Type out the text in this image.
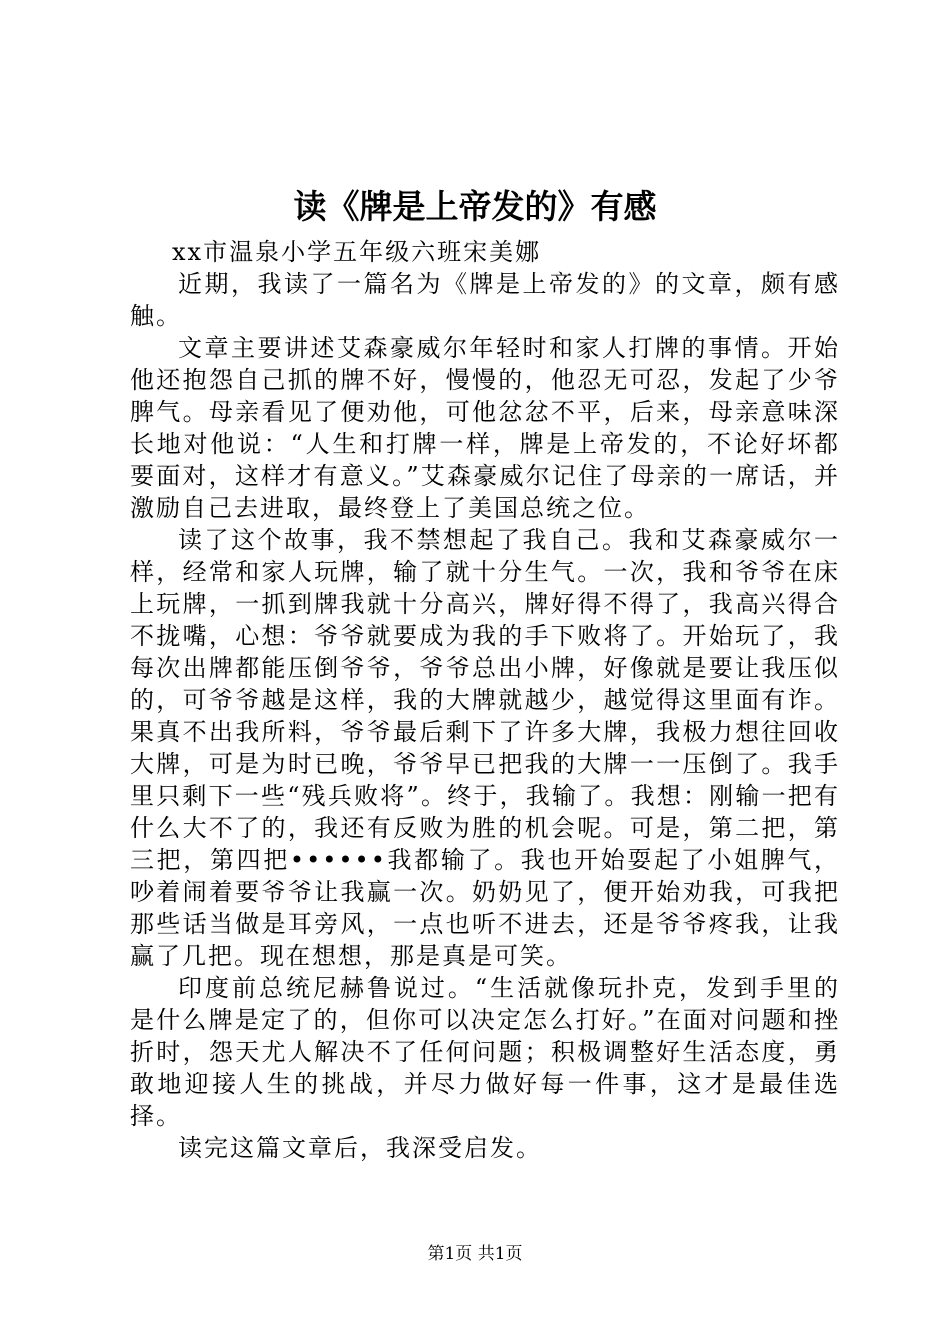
读《牌是上帝发的》有感

xx市温泉小学五年级六班宋美娜

近期，我读了一篇名为《牌是上帝发的》的文章，颇有感触。

文章主要讲述艾森豪威尔年轻时和家人打牌的事情。开始他还抱怨自己抓的牌不好，慢慢的，他忍无可忍，发起了少爷脾气。母亲看见了便劝他，可他忿忿不平，后来，母亲意味深长地对他说：“人生和打牌一样，牌是上帝发的，不论好坏都要面对，这样才有意义。”艾森豪威尔记住了母亲的一席话，并激励自己去进取，最终登上了美国总统之位。

读了这个故事，我不禁想起了我自己。我和艾森豪威尔一样，经常和家人玩牌，输了就十分生气。一次，我和爷爷在床上玩牌，一抓到牌我就十分高兴，牌好得不得了，我高兴得合不拢嘴，心想：爷爷就要成为我的手下败将了。开始玩了，我每次出牌都能压倒爷爷，爷爷总出小牌，好像就是要让我压似的，可爷爷越是这样，我的大牌就越少，越觉得这里面有诈。果真不出我所料，爷爷最后剩下了许多大牌，我极力想往回收大牌，可是为时已晚，爷爷早已把我的大牌一一压倒了。我手里只剩下一些“残兵败将”。终于，我输了。我想：刚输一把有什么大不了的，我还有反败为胜的机会呢。可是，第二把，第三把，第四把••••••我都输了。我也开始耍起了小姐脾气，吵着闹着要爷爷让我赢一次。奶奶见了，便开始劝我，可我把那些话当做是耳旁风，一点也听不进去，还是爷爷疼我，让我赢了几把。现在想想，那是真是可笑。

印度前总统尼赫鲁说过。“生活就像玩扑克，发到手里的是什么牌是定了的，但你可以决定怎么打好。”在面对问题和挫折时，怨天尤人解决不了任何问题；积极调整好生活态度，勇敢地迎接人生的挑战，并尽力做好每一件事，这才是最佳选择。

读完这篇文章后，我深受启发。

第1页 共1页
